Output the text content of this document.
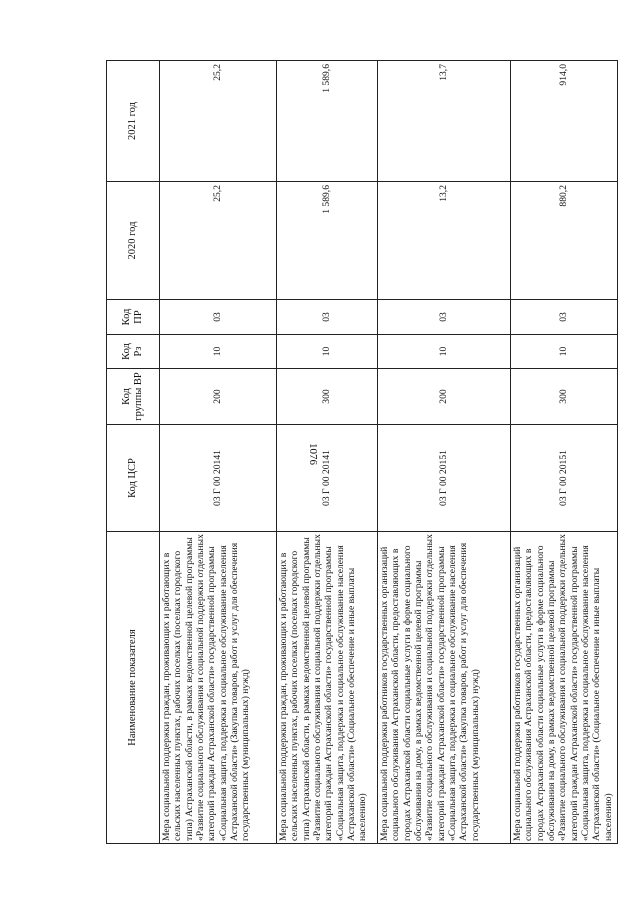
1076
Наименование показателя	Код ЦСР	Код группы ВР	Код Рз	Код ПР	2020 год	2021 год
Мера социальной поддержки граждан, проживающих и работающих в сельских населенных пунктах, рабочих поселках (поселках городского типа) Астраханской области, в рамках ведомственной целевой программы «Развитие социального обслуживания и социальной поддержки отдельных категорий граждан Астраханской области» государственной программы «Социальная защита, поддержка и социальное обслуживание населения Астраханской области» (Закупка товаров, работ и услуг для обеспечения государственных (муниципальных) нужд)	03 Г 00 20141	200	10	03	25,2	25,2
Мера социальной поддержки граждан, проживающих и работающих в сельских населенных пунктах, рабочих поселках (поселках городского типа) Астраханской области, в рамках ведомственной целевой программы «Развитие социального обслуживания и социальной поддержки отдельных категорий граждан Астраханской области» государственной программы «Социальная защита, поддержка и социальное обслуживание населения Астраханской области» (Социальное обеспечение и иные выплаты населению)	03 Г 00 20141	300	10	03	1 589,6	1 589,6
Мера социальной поддержки работников государственных организаций социального обслуживания Астраханской области, предоставляющих в городах Астраханской области социальные услуги в форме социального обслуживания на дому, в рамках ведомственной целевой программы «Развитие социального обслуживания и социальной поддержки отдельных категорий граждан Астраханской области» государственной программы «Социальная защита, поддержка и социальное обслуживание населения Астраханской области» (Закупка товаров, работ и услуг для обеспечения государственных (муниципальных) нужд)	03 Г 00 20151	200	10	03	13,2	13,7
Мера социальной поддержки работников государственных организаций социального обслуживания Астраханской области, предоставляющих в городах Астраханской области социальные услуги в форме социального обслуживания на дому, в рамках ведомственной целевой программы «Развитие социального обслуживания и социальной поддержки отдельных категорий граждан Астраханской области» государственной программы «Социальная защита, поддержка и социальное обслуживание населения Астраханской области» (Социальное обеспечение и иные выплаты населению)	03 Г 00 20151	300	10	03	880,2	914,0
